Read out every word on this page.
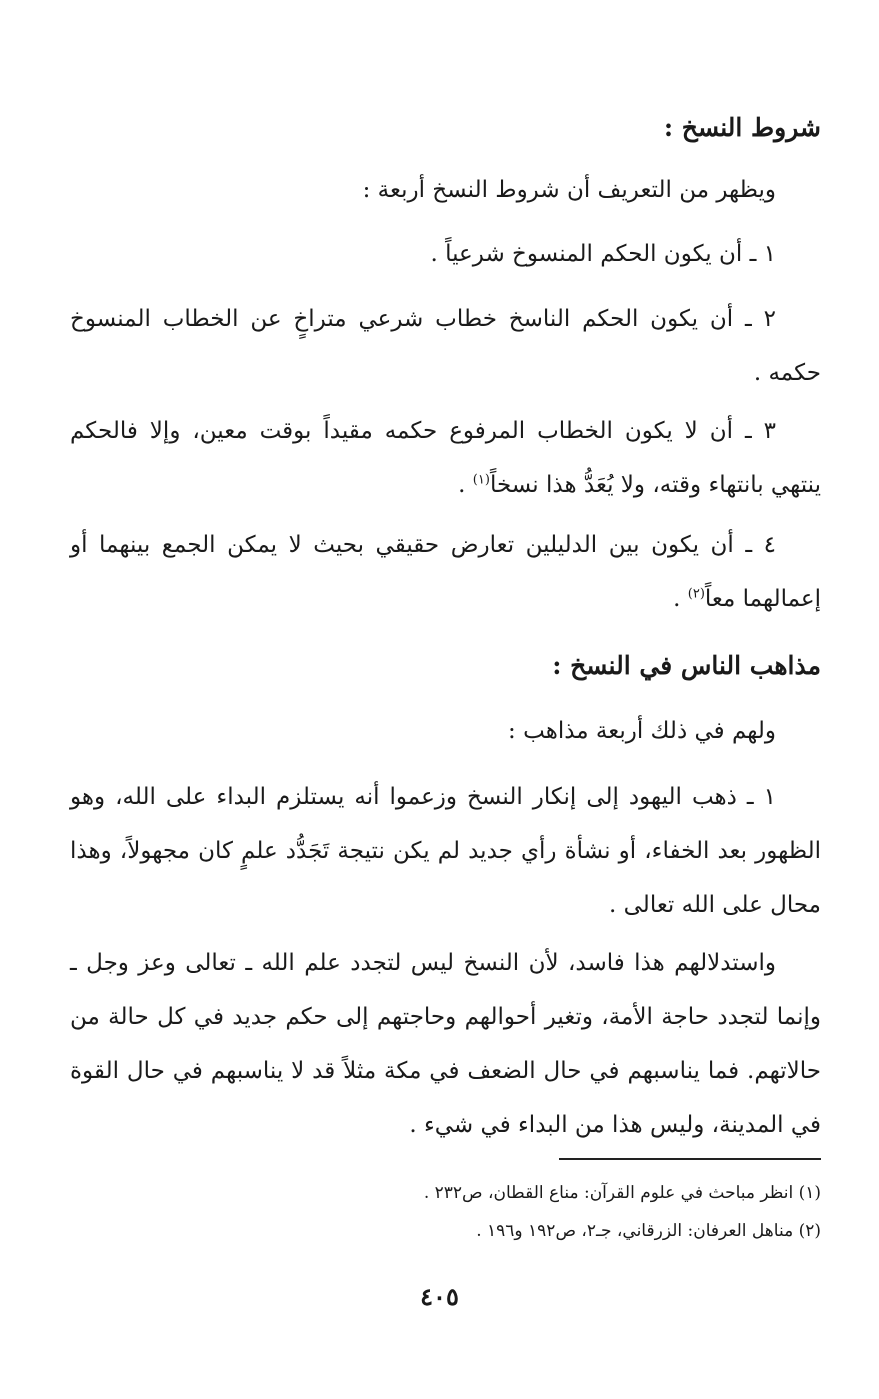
شروط النسخ :
ويظهر من التعريف أن شروط النسخ أربعة :
١ ـ أن يكون الحكم المنسوخ شرعياً .
٢ ـ أن يكون الحكم الناسخ خطاب شرعي متراخٍ عن الخطاب المنسوخ حكمه .
٣ ـ أن لا يكون الخطاب المرفوع حكمه مقيداً بوقت معين، وإلا فالحكم ينتهي بانتهاء وقته، ولا يُعَدُّ هذا نسخاً$^{(١)}$ .
٤ ـ أن يكون بين الدليلين تعارض حقيقي بحيث لا يمكن الجمع بينهما أو إعمالهما معاً$^{(٢)}$ .
مذاهب الناس في النسخ :
ولهم في ذلك أربعة مذاهب :
١ ـ ذهب اليهود إلى إنكار النسخ وزعموا أنه يستلزم البداء على الله، وهو الظهور بعد الخفاء، أو نشأة رأي جديد لم يكن نتيجة تَجَدُّد علمٍ كان مجهولاً، وهذا محال على الله تعالى .
واستدلالهم هذا فاسد، لأن النسخ ليس لتجدد علم الله ـ تعالى وعز وجل ـ وإنما لتجدد حاجة الأمة، وتغير أحوالهم وحاجتهم إلى حكم جديد في كل حالة من حالاتهم. فما يناسبهم في حال الضعف في مكة مثلاً قد لا يناسبهم في حال القوة في المدينة، وليس هذا من البداء في شيء .
(١) انظر مباحث في علوم القرآن: مناع القطان، ص٢٣٢ .
(٢) مناهل العرفان: الزرقاني، جـ٢، ص١٩٢ و١٩٦ .
٤٠٥
